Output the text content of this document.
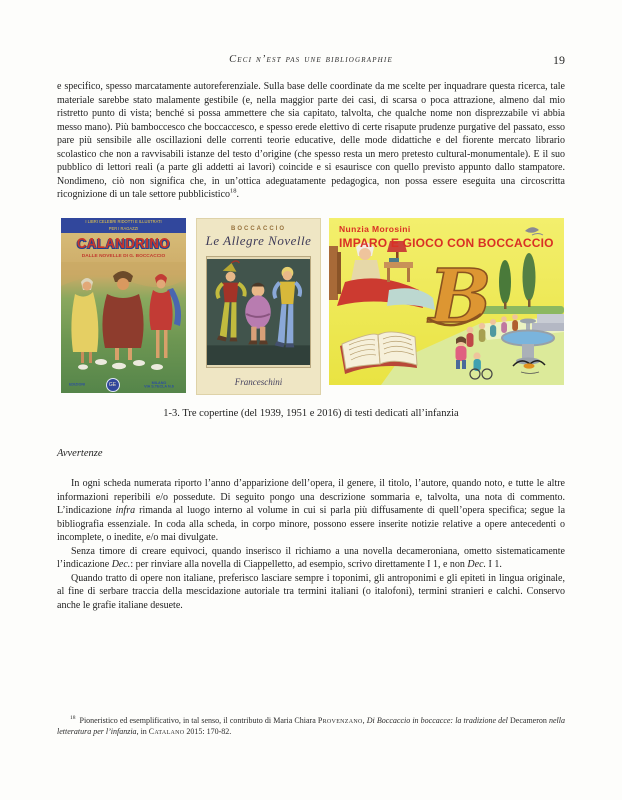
Ceci n’est pas une bibliographie	19

e specifico, spesso marcatamente autoreferenziale. Sulla base delle coordinate da me scelte per inquadrare questa ricerca, tale materiale sarebbe stato malamente gestibile (e, nella maggior parte dei casi, di scarsa o poca attrazione, almeno dal mio ristretto punto di vista; benché si possa ammettere che sia capitato, talvolta, che qualche nome non disprezzabile vi abbia messo mano). Più bamboccesco che boccaccesco, e spesso erede elettivo di certe risapute prudenze purgative del passato, esso pare più sensibile alle oscillazioni delle correnti teorie educative, delle mode didattiche e del fiorente mercato librario scolastico che non a ravvisabili istanze del testo d’origine (che spesso resta un mero pretesto cultural-monumentale). E il suo pubblico di lettori reali (a parte gli addetti ai lavori) coincide e si esaurisce con quello previsto appunto dallo stampatore. Nondimeno, ciò non significa che, in un’ottica adeguatamente pedagogica, non possa essere eseguita una circoscritta ricognizione di un tale settore pubblicistico$^{18}$.

I LIBRI CELEBRI RIDOTTI E ILLUSTRATI
PER I RAGAZZI
CALANDRINO
DALLE NOVELLE DI G. BOCCACCIO
EDIZIONI	GE	MILANO
VIA S.TECLA N.6
BOCCACCIO
Le Allegre Novelle
Franceschini
B
Nunzia Morosini
IMPARO E GIOCO CON BOCCACCIO
1-3. Tre copertine (del 1939, 1951 e 2016) di testi dedicati all’infanzia
Avvertenze

In ogni scheda numerata riporto l’anno d’apparizione dell’opera, il genere, il titolo, l’autore, quando noto, e tutte le altre informazioni reperibili e/o possedute. Di seguito pongo una descrizione sommaria e, talvolta, una nota di commento. L’indicazione infra rimanda al luogo interno al volume in cui si parla più diffusamente di quell’opera specifica; segue la bibliografia essenziale. In coda alla scheda, in corpo minore, possono essere inserite notizie relative a opere antecedenti o incomplete, o inedite, e/o mai divulgate.

Senza timore di creare equivoci, quando inserisco il richiamo a una novella decameroniana, ometto sistematicamente l’indicazione Dec.: per rinviare alla novella di Ciappelletto, ad esempio, scrivo direttamente I 1, e non Dec. I 1.

Quando tratto di opere non italiane, preferisco lasciare sempre i toponimi, gli antroponimi e gli epiteti in lingua originale, al fine di serbare traccia della mescidazione autoriale tra termini italiani (o italofoni), termini stranieri e calchi. Conservo anche le grafie italiane desuete.

$^{18}$ Pioneristico ed esemplificativo, in tal senso, il contributo di Maria Chiara Provenzano, Di Boccaccio in boccacce: la tradizione del Decameron nella letteratura per l’infanzia, in Catalano 2015: 170-82.
